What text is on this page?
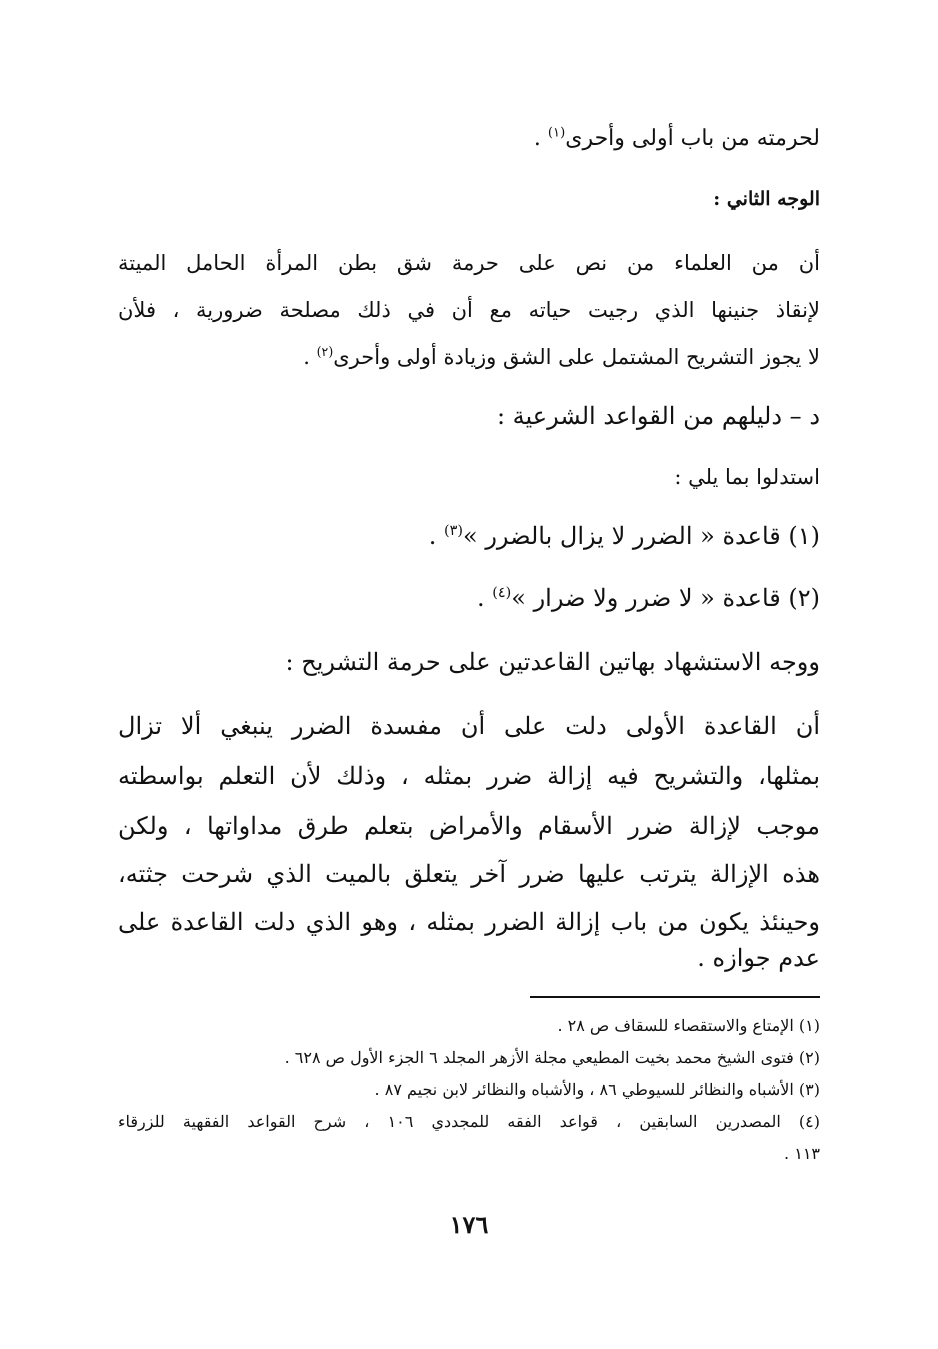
لحرمته من باب أولى وأحرى$^{(١)}$ .
الوجه الثاني :
أن من العلماء من نص على حرمة شق بطن المرأة الحامل الميتة
لإنقاذ جنينها الذي رجيت حياته مع أن في ذلك مصلحة ضرورية ، فلأن
لا يجوز التشريح المشتمل على الشق وزيادة أولى وأحرى$^{(٢)}$ .
د – دليلهم من القواعد الشرعية :
استدلوا بما يلي :
(١) قاعدة « الضرر لا يزال بالضرر »$^{(٣)}$ .
(٢) قاعدة « لا ضرر ولا ضرار »$^{(٤)}$ .
ووجه الاستشهاد بهاتين القاعدتين على حرمة التشريح :
أن القاعدة الأولى دلت على أن مفسدة الضرر ينبغي ألا تزال
بمثلها، والتشريح فيه إزالة ضرر بمثله ، وذلك لأن التعلم بواسطته
موجب لإزالة ضرر الأسقام والأمراض بتعلم طرق مداواتها ، ولكن
هذه الإزالة يترتب عليها ضرر آخر يتعلق بالميت الذي شرحت جثته،
وحينئذ يكون من باب إزالة الضرر بمثله ، وهو الذي دلت القاعدة على
عدم جوازه .
(١) الإمتاع والاستقصاء للسقاف ص ٢٨ .
(٢) فتوى الشيخ محمد بخيت المطيعي مجلة الأزهر المجلد ٦ الجزء الأول ص ٦٢٨ .
(٣) الأشباه والنظائر للسيوطي ٨٦ ، والأشباه والنظائر لابن نجيم ٨٧ .
(٤) المصدرين السابقين ، قواعد الفقه للمجددي ١٠٦ ، شرح القواعد الفقهية للزرقاء
١١٣ .
١٧٦
